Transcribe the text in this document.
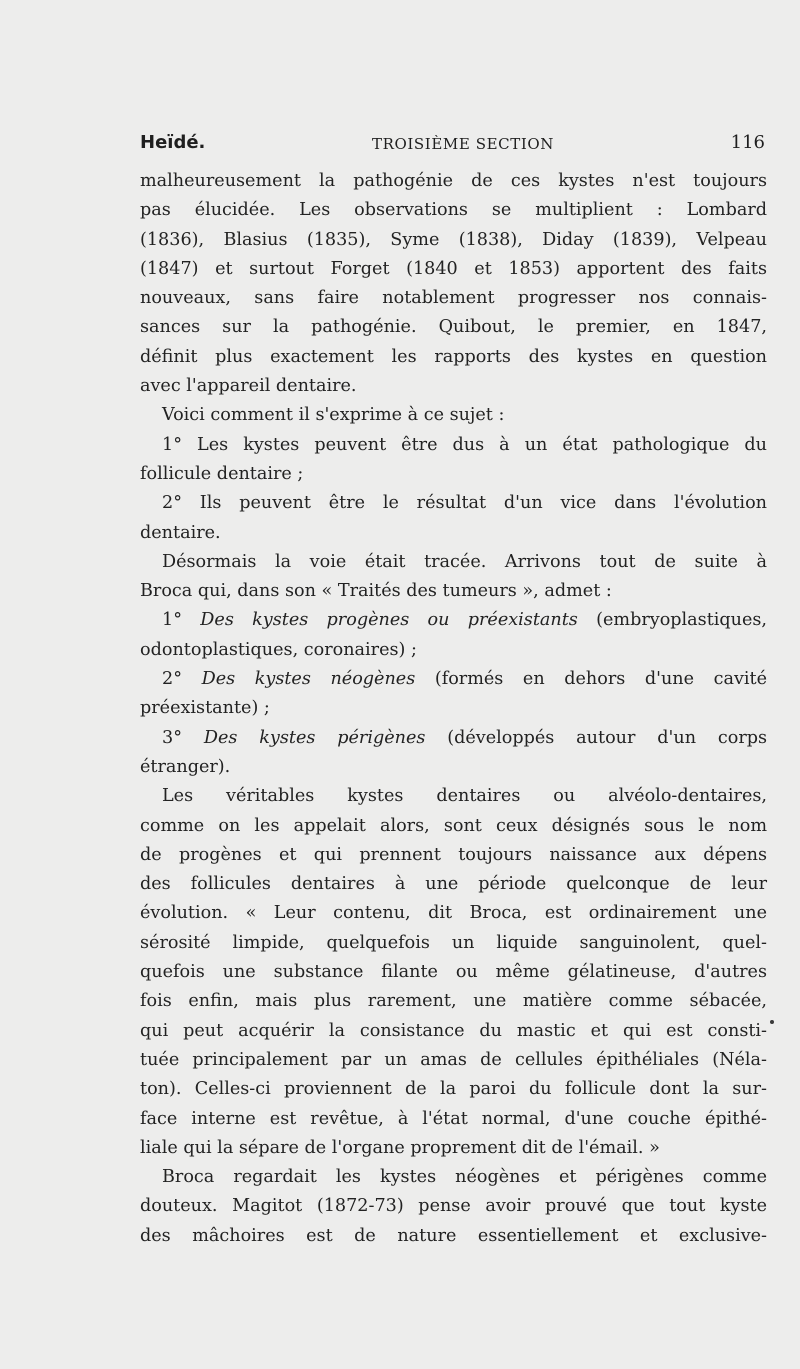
Heïdé.	TROISIÈME SECTION	116
malheureusement la pathogénie de ces kystes n'est toujours
pas élucidée. Les observations se multiplient : Lombard
(1836), Blasius (1835), Syme (1838), Diday (1839), Velpeau
(1847) et surtout Forget (1840 et 1853) apportent des faits
nouveaux, sans faire notablement progresser nos connais-
sances sur la pathogénie. Quibout, le premier, en 1847,
définit plus exactement les rapports des kystes en question
avec l'appareil dentaire.
Voici comment il s'exprime à ce sujet :
1° Les kystes peuvent être dus à un état pathologique du
follicule dentaire ;
2° Ils peuvent être le résultat d'un vice dans l'évolution
dentaire.
Désormais la voie était tracée. Arrivons tout de suite à
Broca qui, dans son « Traités des tumeurs », admet :
1° Des kystes progènes ou préexistants (embryoplastiques,
odontoplastiques, coronaires) ;
2° Des kystes néogènes (formés en dehors d'une cavité
préexistante) ;
3° Des kystes périgènes (développés autour d'un corps
étranger).
Les véritables kystes dentaires ou alvéolo-dentaires,
comme on les appelait alors, sont ceux désignés sous le nom
de progènes et qui prennent toujours naissance aux dépens
des follicules dentaires à une période quelconque de leur
évolution. « Leur contenu, dit Broca, est ordinairement une
sérosité limpide, quelquefois un liquide sanguinolent, quel-
quefois une substance filante ou même gélatineuse, d'autres
fois enfin, mais plus rarement, une matière comme sébacée,
qui peut acquérir la consistance du mastic et qui est consti-
tuée principalement par un amas de cellules épithéliales (Néla-
ton). Celles-ci proviennent de la paroi du follicule dont la sur-
face interne est revêtue, à l'état normal, d'une couche épithé-
liale qui la sépare de l'organe proprement dit de l'émail. »
Broca regardait les kystes néogènes et périgènes comme
douteux. Magitot (1872-73) pense avoir prouvé que tout kyste
des mâchoires est de nature essentiellement et exclusive-
